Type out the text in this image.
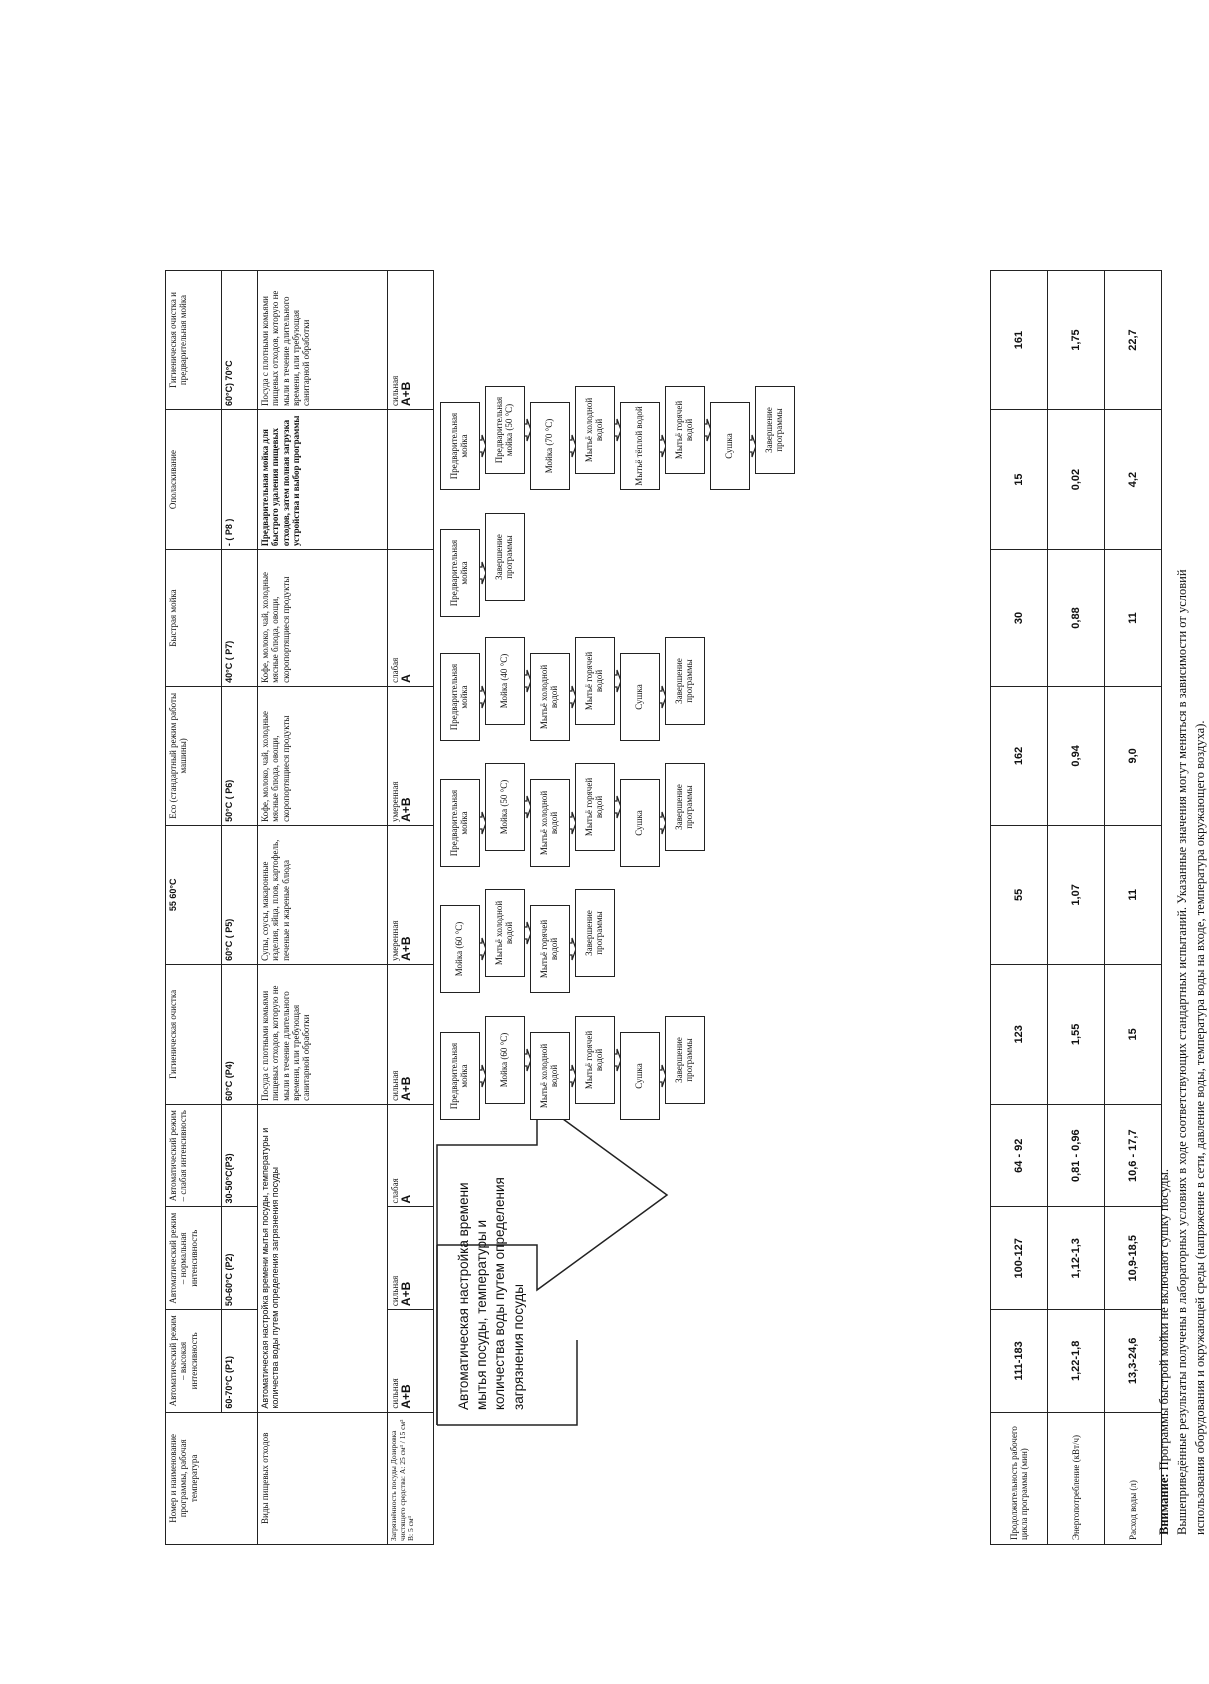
Номер и наименование программы, рабочая температура	Автоматический режим – высокая интенсивность	Автоматический режим – нормальная интенсивность	Автоматический режим – слабая интенсивность	Гигиеническая очистка	55 60°C	Eco (стандартный режим работы машины)	Быстрая мойка	Ополаскивание	Гигиеническая очистка и предварительная мойка
	60-70°C (P1)	50-60°C (P2)	30-50°C(P3)	60°C (P4)	60°C ( P5)	50°C ( P6)	40°C ( P7)	- ( P8 )	60°C) 70°C
Виды пищевых отходов	Автоматическая настройка времени мытья посуды, температуры и количества воды путем определения загрязнения посуды			Посуда с плотными комьями пищевых отходов, которую не мыли в течение длительного времени, или требующая санитарной обработки	Супы, соусы, макаронные изделия, яйца, плов, картофель, печеные и жареные блюда	Кофе, молоко, чай, холодные мясные блюда, овощи, скоропортящиеся продукты	Кофе, молоко, чай, холодные мясные блюда, овощи, скоропортящиеся продукты	Предварительная мойка для быстрого удаления пищевых отходов, затем полная загрузка устройства и выбор программы	Посуда с плотными комьями пищевых отходов, которую не мыли в течение длительного времени, или требующая санитарной обработки
Загрязнённость посуды Дозировка чистящего средства: А: 25 см³ / 15 см³ В: 5 см³	сильная А+В	сильная А+В	слабая А	сильная А+В	умеренная А+В	умеренная А+В	слабая А		сильная А+В
Автоматическая настройка времени мытья посуды, температуры и количества воды путем определения загрязнения посуды
Предварительная мойка	Мойка (60 °C)	Мытьё холодной водой	Мытьё горячей водой
Сушка	Завершение программы
Мойка (60 °C)	Мытьё холодной водой	Мытьё горячей водой	Завершение программы
Предварительная мойка	Мойка (50 °C)	Мытьё холодной водой	Мытьё горячей водой
Сушка	Завершение программы
Предварительная мойка	Мойка (40 °C)	Мытьё холодной водой	Мытьё горячей водой
Сушка	Завершение программы
Предварительная мойка	Завершение программы
Предварительная мойка	Предварительная мойка (50 °C)	Мойка (70 °C)	Мытьё холодной водой	Мытьё тёплой водой	Мытьё горячей водой
Сушка	Завершение программы
Продолжительность рабочего цикла программы (мин)	111-183	100-127	64 - 92	123	55	162	30	15	161
Энергопотребление (кВт/ч)	1,22-1,8	1,12-1,3	0,81 - 0,96	1,55	1,07	0,94	0,88	0,02	1,75
Расход воды (л)	13,3-24,6	10,9-18,5	10,6 - 17,7	15	11	9,0	11	4,2	22,7
Внимание: Программы быстрой мойки не включают сушку посуды. Вышеприведённые результаты получены в лабораторных условиях в ходе соответствующих стандартных испытаний. Указанные значения могут меняться в зависимости от условий использования оборудования и окружающей среды (напряжение в сети, давление воды, температура воды на входе, температура окружающего воздуха).
